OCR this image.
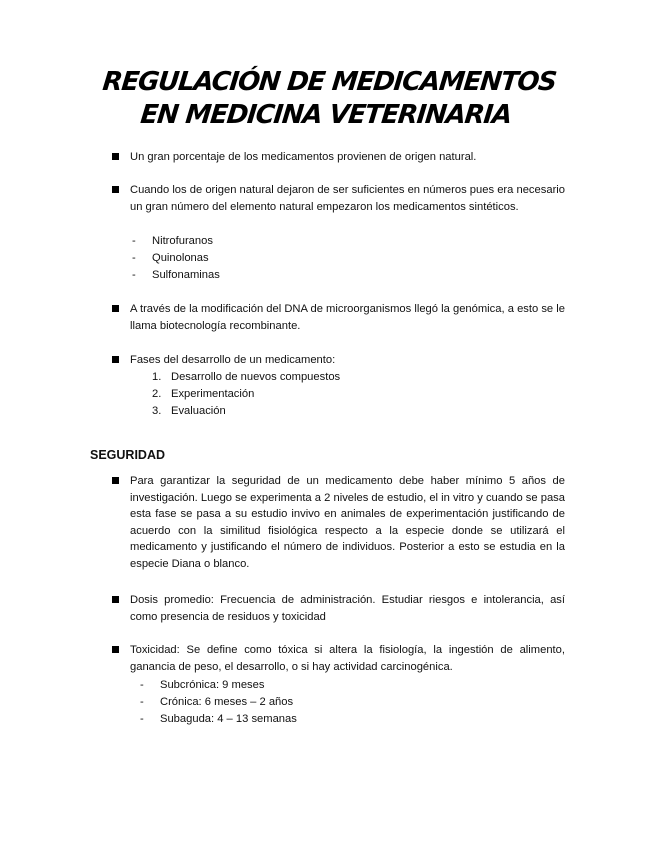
REGULACIÓN DE MEDICAMENTOS
EN MEDICINA VETERINARIA
Un gran porcentaje de los medicamentos provienen de origen natural.
Cuando los de origen natural dejaron de ser suficientes en números pues era necesario un gran número del elemento natural empezaron los medicamentos sintéticos.
- Nitrofuranos
- Quinolonas
- Sulfonaminas
A través de la modificación del DNA de microorganismos llegó la genómica, a esto se le llama biotecnología recombinante.
Fases del desarrollo de un medicamento:
1. Desarrollo de nuevos compuestos
2. Experimentación
3. Evaluación
SEGURIDAD
Para garantizar la seguridad de un medicamento debe haber mínimo 5 años de investigación. Luego se experimenta a 2 niveles de estudio, el in vitro y cuando se pasa esta fase se pasa a su estudio invivo en animales de experimentación justificando de acuerdo con la similitud fisiológica respecto a la especie donde se utilizará el medicamento y justificando el número de individuos. Posterior a esto se estudia en la especie Diana o blanco.
Dosis promedio: Frecuencia de administración. Estudiar riesgos e intolerancia, así como presencia de residuos y toxicidad
Toxicidad: Se define como tóxica si altera la fisiología, la ingestión de alimento, ganancia de peso, el desarrollo, o si hay actividad carcinogénica.
- Subcrónica: 9 meses
- Crónica: 6 meses – 2 años
- Subaguda: 4 – 13 semanas
